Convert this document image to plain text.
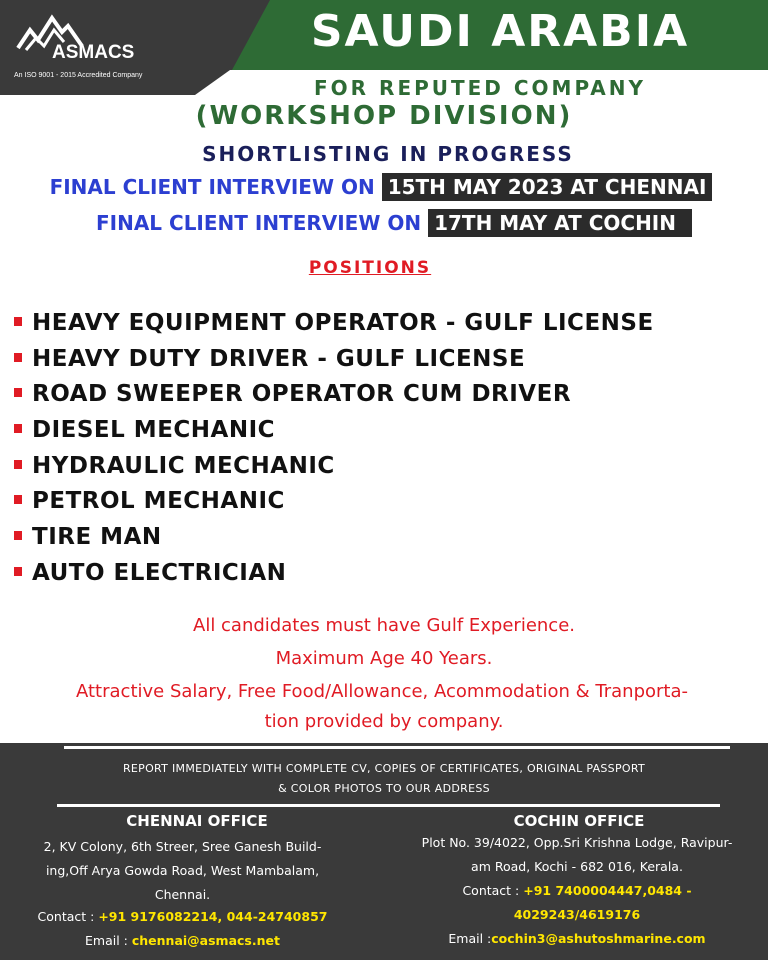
ASMACS
An ISO 9001 - 2015 Accredited Company
SAUDI ARABIA
FOR REPUTED COMPANY
(WORKSHOP DIVISION)
SHORTLISTING IN PROGRESS
FINAL CLIENT INTERVIEW ON 15TH MAY 2023 AT CHENNAI
FINAL CLIENT INTERVIEW ON 17TH MAY AT COCHIN
POSITIONS
HEAVY EQUIPMENT OPERATOR - GULF LICENSE
HEAVY DUTY DRIVER - GULF LICENSE
ROAD SWEEPER OPERATOR CUM DRIVER
DIESEL MECHANIC
HYDRAULIC MECHANIC
PETROL MECHANIC
TIRE MAN
AUTO ELECTRICIAN
All candidates must have Gulf Experience.
Maximum Age 40 Years.
Attractive Salary, Free Food/Allowance, Acommodation & Tranporta-
tion provided by company.
REPORT IMMEDIATELY WITH COMPLETE CV, COPIES OF CERTIFICATES, ORIGINAL PASSPORT
& COLOR PHOTOS TO OUR ADDRESS
CHENNAI OFFICE
2, KV Colony, 6th Streer, Sree Ganesh Build-
ing,Off Arya Gowda Road, West Mambalam,
Chennai.
Contact : +91 9176082214, 044-24740857
Email : chennai@asmacs.net
COCHIN OFFICE
Plot No. 39/4022, Opp.Sri Krishna Lodge, Ravipur-
am Road, Kochi - 682 016, Kerala.
Contact : +91 7400004447,0484 -
4029243/4619176
Email :cochin3@ashutoshmarine.com
